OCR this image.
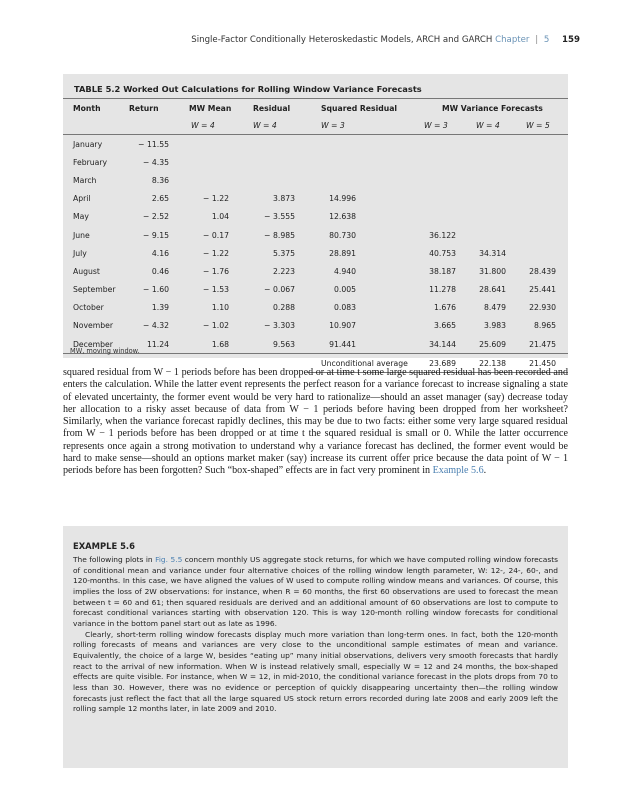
Single-Factor Conditionally Heteroskedastic Models, ARCH and GARCH Chapter | 5 159
TABLE 5.2 Worked Out Calculations for Rolling Window Variance Forecasts
Month	Return	MW Mean	Residual	Squared Residual	MW Variance Forecasts		
		W = 4	W = 4	W = 3	W = 3	W = 4	W = 5
January	− 11.55						
February	− 4.35						
March	8.36						
April	2.65	− 1.22	3.873	14.996			
May	− 2.52	1.04	− 3.555	12.638			
June	− 9.15	− 0.17	− 8.985	80.730	36.122		
July	4.16	− 1.22	5.375	28.891	40.753	34.314	
August	0.46	− 1.76	2.223	4.940	38.187	31.800	28.439
September	− 1.60	− 1.53	− 0.067	0.005	11.278	28.641	25.441
October	1.39	1.10	0.288	0.083	1.676	8.479	22.930
November	− 4.32	− 1.02	− 3.303	10.907	3.665	3.983	8.965
December	11.24	1.68	9.563	91.441	34.144	25.609	21.475
				Unconditional average	23.689	22.138	21.450
MW, moving window.

squared residual from W − 1 periods before has been dropped or at time t some large squared residual has been recorded and enters the calculation. While the latter event represents the perfect reason for a variance forecast to increase signaling a state of elevated uncertainty, the former event would be very hard to rationalize—should an asset manager (say) decrease today her allocation to a risky asset because of data from W − 1 periods before having been dropped from her worksheet? Similarly, when the variance forecast rapidly declines, this may be due to two facts: either some very large squared residual from W − 1 periods before has been dropped or at time t the squared residual is small or 0. While the latter occurrence represents once again a strong motivation to understand why a variance forecast has declined, the former event would be hard to make sense—should an options market maker (say) increase its current offer price because the data point of W − 1 periods before has been forgotten? Such “box-shaped” effects are in fact very prominent in Example 5.6.

EXAMPLE 5.6

The following plots in Fig. 5.5 concern monthly US aggregate stock returns, for which we have computed rolling window forecasts of conditional mean and variance under four alternative choices of the rolling window length parameter, W: 12-, 24-, 60-, and 120-months. In this case, we have aligned the values of W used to compute rolling window means and variances. Of course, this implies the loss of 2W observations: for instance, when R = 60 months, the first 60 observations are used to forecast the mean between t = 60 and 61; then squared residuals are derived and an additional amount of 60 observations are lost to compute to forecast conditional variances starting with observation 120. This is way 120-month rolling window forecasts for conditional variance in the bottom panel start out as late as 1996.

Clearly, short-term rolling window forecasts display much more variation than long-term ones. In fact, both the 120-month rolling forecasts of means and variances are very close to the unconditional sample estimates of mean and variance. Equivalently, the choice of a large W, besides “eating up” many initial observations, delivers very smooth forecasts that hardly react to the arrival of new information. When W is instead relatively small, especially W = 12 and 24 months, the box-shaped effects are quite visible. For instance, when W = 12, in mid-2010, the conditional variance forecast in the plots drops from 70 to less than 30. However, there was no evidence or perception of quickly disappearing uncertainty then—the rolling window forecasts just reflect the fact that all the large squared US stock return errors recorded during late 2008 and early 2009 left the rolling sample 12 months later, in late 2009 and 2010.
